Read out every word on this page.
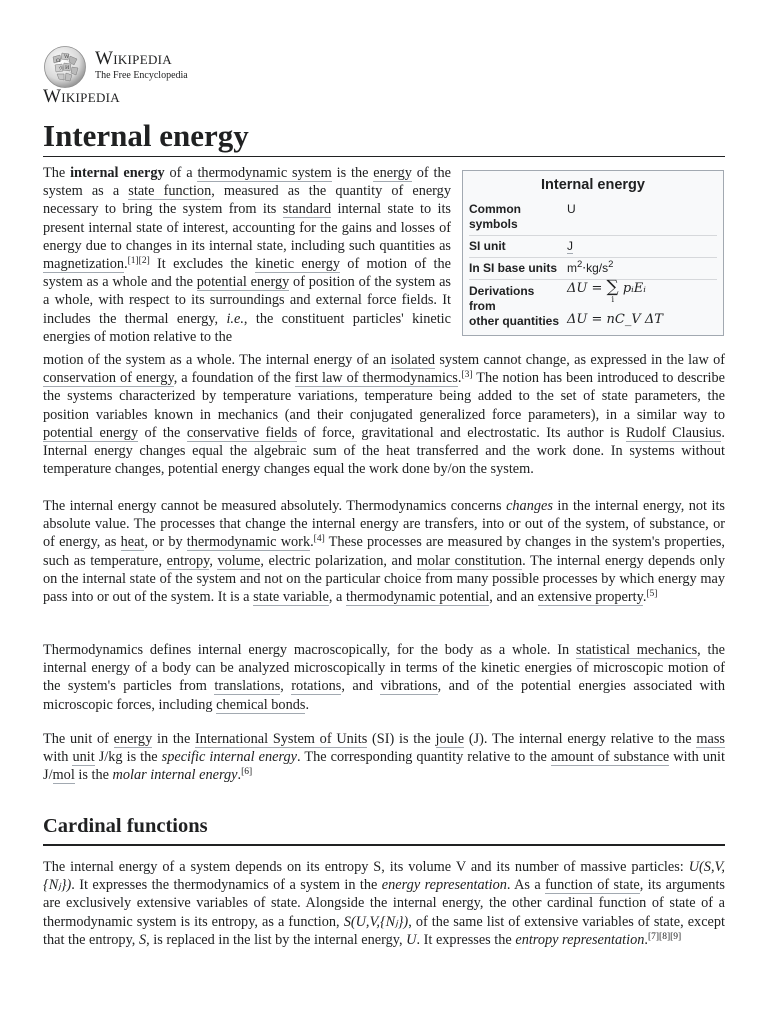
Ω
W
И
ウ Wikipedia
The Free Encyclopedia
Wikipedia
Internal energy
Internal energy
Common
symbols
U
SI unit	J
In SI base units $m^2\cdot kg/s^2$
Derivations
from
other quantities
ΔU = ∑
i
pᵢEᵢ
ΔU = nC_V ΔT
The internal energy of a thermodynamic system is the energy of the system as a state function, measured as the quantity of energy necessary to bring the system from its standard internal state to its present internal state of interest, accounting for the gains and losses of energy due to changes in its internal state, including such quantities as magnetization.[1][2] It excludes the kinetic energy of motion of the system as a whole and the potential energy of position of the system as a whole, with respect to its surroundings and external force fields. It includes the thermal energy, i.e., the constituent particles' kinetic energies of motion relative to the
motion of the system as a whole. The internal energy of an isolated system cannot change, as expressed in the law of conservation of energy, a foundation of the first law of thermodynamics.[3] The notion has been introduced to describe the systems characterized by temperature variations, temperature being added to the set of state parameters, the position variables known in mechanics (and their conjugated generalized force parameters), in a similar way to potential energy of the conservative fields of force, gravitational and electrostatic. Its author is Rudolf Clausius. Internal energy changes equal the algebraic sum of the heat transferred and the work done. In systems without temperature changes, potential energy changes equal the work done by/on the system.
The internal energy cannot be measured absolutely. Thermodynamics concerns changes in the internal energy, not its absolute value. The processes that change the internal energy are transfers, into or out of the system, of substance, or of energy, as heat, or by thermodynamic work.[4] These processes are measured by changes in the system's properties, such as temperature, entropy, volume, electric polarization, and molar constitution. The internal energy depends only on the internal state of the system and not on the particular choice from many possible processes by which energy may pass into or out of the system. It is a state variable, a thermodynamic potential, and an extensive property.[5]
Thermodynamics defines internal energy macroscopically, for the body as a whole. In statistical mechanics, the internal energy of a body can be analyzed microscopically in terms of the kinetic energies of microscopic motion of the system's particles from translations, rotations, and vibrations, and of the potential energies associated with microscopic forces, including chemical bonds.
The unit of energy in the International System of Units (SI) is the joule (J). The internal energy relative to the mass with unit J/kg is the specific internal energy. The corresponding quantity relative to the amount of substance with unit J/mol is the molar internal energy.[6]
Cardinal functions
The internal energy of a system depends on its entropy S, its volume V and its number of massive particles: U(S,V,{Nⱼ}). It expresses the thermodynamics of a system in the energy representation. As a function of state, its arguments are exclusively extensive variables of state. Alongside the internal energy, the other cardinal function of state of a thermodynamic system is its entropy, as a function, S(U,V,{Nⱼ}), of the same list of extensive variables of state, except that the entropy, S, is replaced in the list by the internal energy, U. It expresses the entropy representation.[7][8][9]
